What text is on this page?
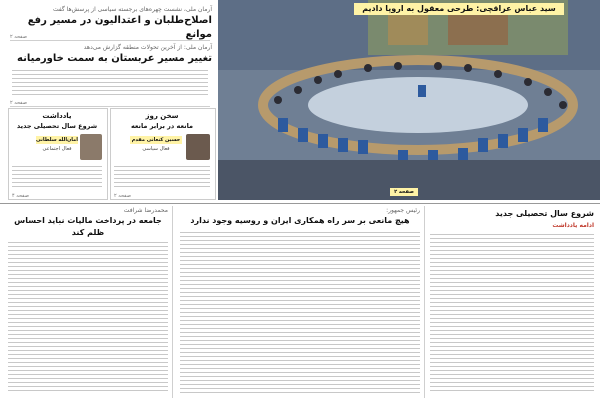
سید عباس عراقچی: طرحی معقول به اروپا دادیم
صفحه ۲
آرمان ملی، نشست چهره‌های برجسته سیاسی از پرسش‌ها گفت
اصلاح‌طلبان و اعتدالیون در مسیر رفع موانع
صفحه ۲
آرمان ملی: از آخرین تحولات منطقه گزارش می‌دهد
تغییر مسیر عربستان به سمت خاورمیانه
صفحه ۲
یادداشت
شروع سال تحصیلی جدید
امان‌الله سلطانی
فعال اجتماعی
صفحه ۴
سخن روز
مانعه در برابر مانعه
حسین کنعانی مقدم
فعال سیاسی
صفحه ۲
محمدرضا شرافت
جامعه در پرداخت مالیات نباید احساس ظلم کند
رئیس جمهور:
هیچ مانعی بر سر راه همکاری ایران و روسیه وجود ندارد
شروع سال تحصیلی جدید
ادامه یادداشت
